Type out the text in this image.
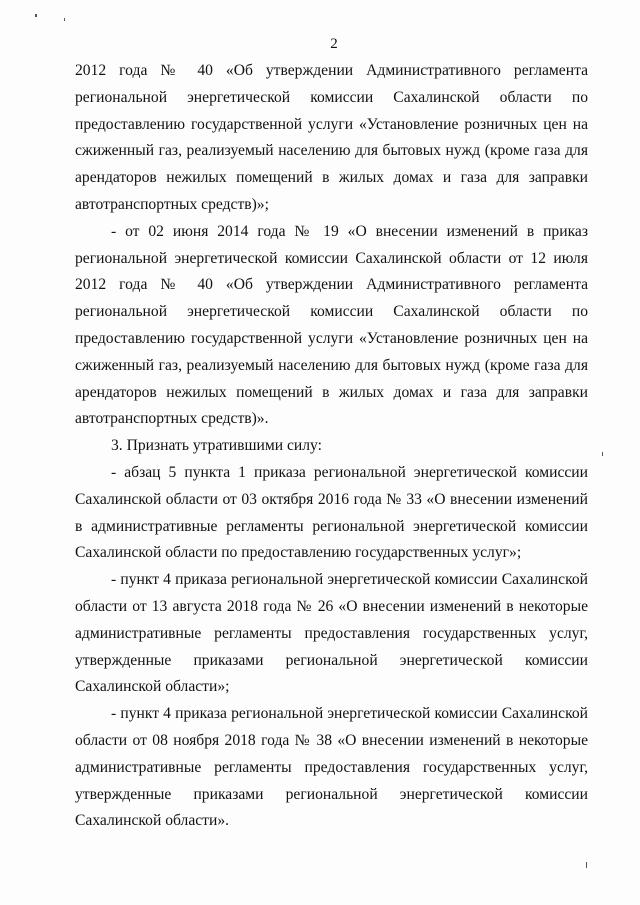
2

2012 года № 40 «Об утверждении Административного регламента региональной энергетической комиссии Сахалинской области по предоставлению государственной услуги «Установление розничных цен на сжиженный газ, реализуемый населению для бытовых нужд (кроме газа для арендаторов нежилых помещений в жилых домах и газа для заправки автотранспортных средств)»;

- от 02 июня 2014 года № 19 «О внесении изменений в приказ региональной энергетической комиссии Сахалинской области от 12 июля 2012 года № 40 «Об утверждении Административного регламента региональной энергетической комиссии Сахалинской области по предоставлению государственной услуги «Установление розничных цен на сжиженный газ, реализуемый населению для бытовых нужд (кроме газа для арендаторов нежилых помещений в жилых домах и газа для заправки автотранспортных средств)».

3. Признать утратившими силу:

- абзац 5 пункта 1 приказа региональной энергетической комиссии Сахалинской области от 03 октября 2016 года № 33 «О внесении изменений в административные регламенты региональной энергетической комиссии Сахалинской области по предоставлению государственных услуг»;

- пункт 4 приказа региональной энергетической комиссии Сахалинской области от 13 августа 2018 года № 26 «О внесении изменений в некоторые административные регламенты предоставления государственных услуг, утвержденные приказами региональной энергетической комиссии Сахалинской области»;

- пункт 4 приказа региональной энергетической комиссии Сахалинской области от 08 ноября 2018 года № 38 «О внесении изменений в некоторые административные регламенты предоставления государственных услуг, утвержденные приказами региональной энергетической комиссии Сахалинской области».
